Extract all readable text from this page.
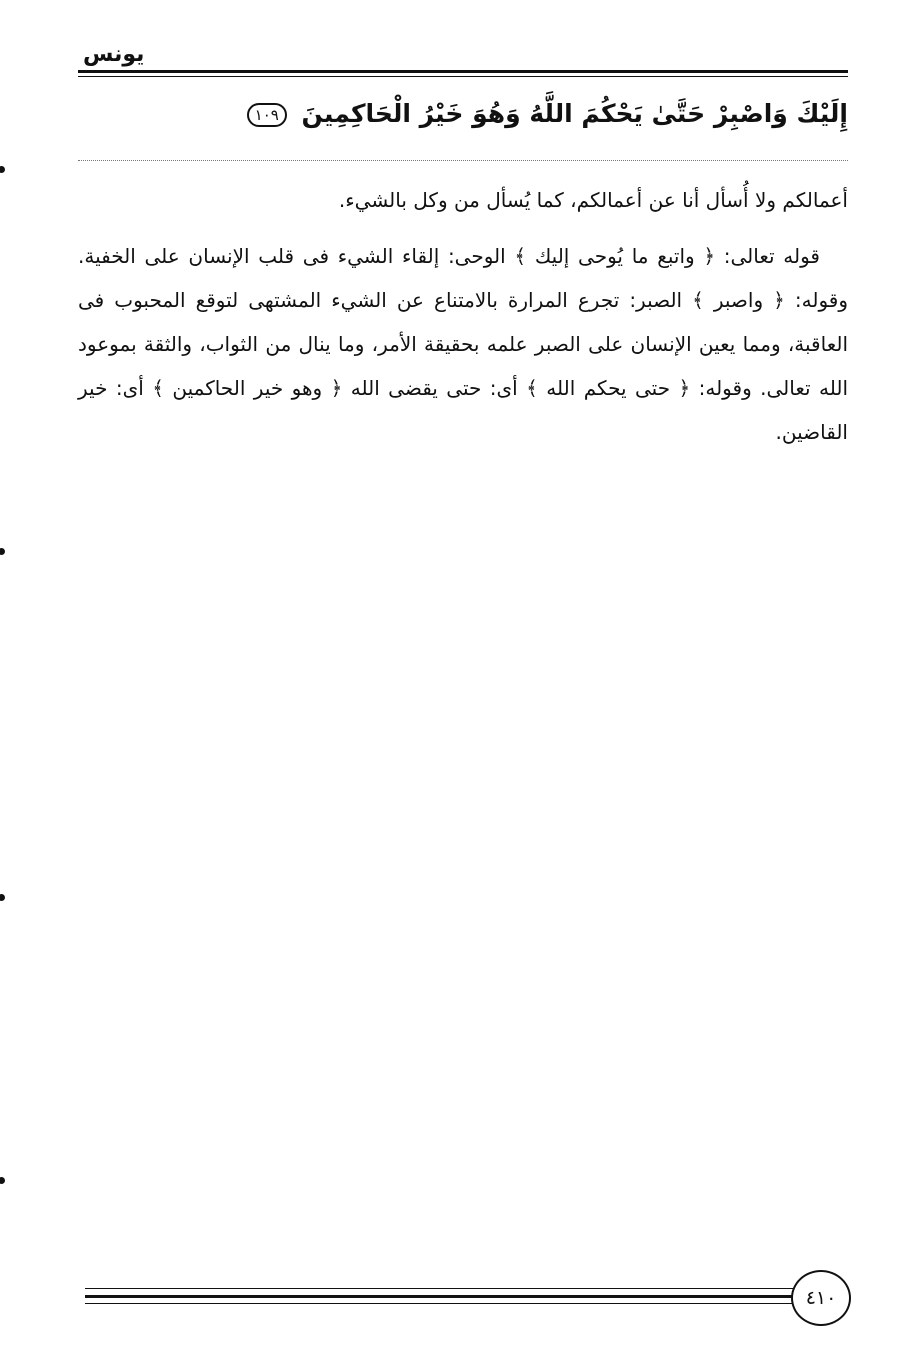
يونس
إِلَيْكَ وَاصْبِرْ حَتَّىٰ يَحْكُمَ اللَّهُ وَهُوَ خَيْرُ الْحَاكِمِينَ ١٠٩

أعمالكم ولا أُسأل أنا عن أعمالكم، كما يُسأل من وكل بالشيء.

قوله تعالى: ﴿ واتبع ما يُوحى إليك ﴾ الوحى: إلقاء الشيء فى قلب الإنسان على الخفية. وقوله: ﴿ واصبر ﴾ الصبر: تجرع المرارة بالامتناع عن الشيء المشتهى لتوقع المحبوب فى العاقبة، ومما يعين الإنسان على الصبر علمه بحقيقة الأمر، وما ينال من الثواب، والثقة بموعود الله تعالى. وقوله: ﴿ حتى يحكم الله ﴾ أى: حتى يقضى الله ﴿ وهو خير الحاكمين ﴾ أى: خير القاضين.

٤١٠
